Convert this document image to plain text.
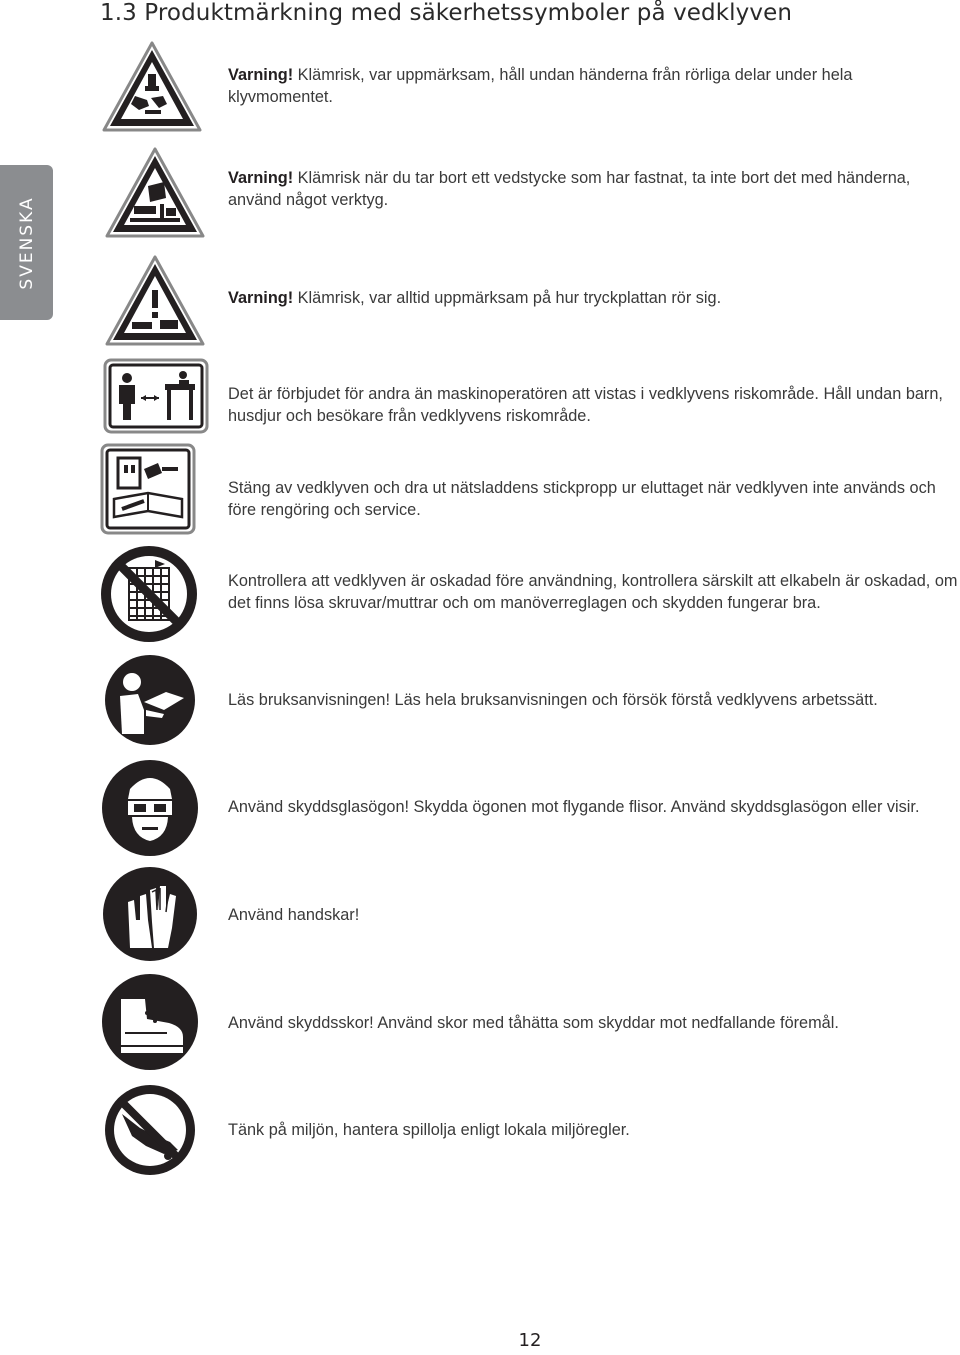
1.3 Produktmärkning med säkerhetssymboler på vedklyven
SVENSKA
Varning! Klämrisk, var uppmärksam, håll undan händerna från rörliga delar under hela klyvmomentet.
Varning! Klämrisk när du tar bort ett vedstycke som har fastnat, ta inte bort det med händerna, använd något verktyg.
Varning! Klämrisk, var alltid uppmärksam på hur tryckplattan rör sig.
Det är förbjudet för andra än maskinoperatören att vistas i vedklyvens riskområde. Håll undan barn, husdjur och besökare från vedklyvens riskområde.
Stäng av vedklyven och dra ut nätsladdens stickpropp ur eluttaget när vedklyven inte används och före rengöring och service.
Kontrollera att vedklyven är oskadad före användning, kontrollera särskilt att elkabeln är oskadad, om det finns lösa skruvar/muttrar och om manöverreglagen och skydden fungerar bra.
Läs bruksanvisningen! Läs hela bruksanvisningen och försök förstå vedklyvens arbetssätt.
Använd skyddsglasögon! Skydda ögonen mot flygande flisor. Använd skyddsglasögon eller visir.
Använd handskar!
Använd skyddsskor! Använd skor med tåhätta som skyddar mot nedfallande föremål.
Tänk på miljön, hantera spillolja enligt lokala miljöregler.
12
